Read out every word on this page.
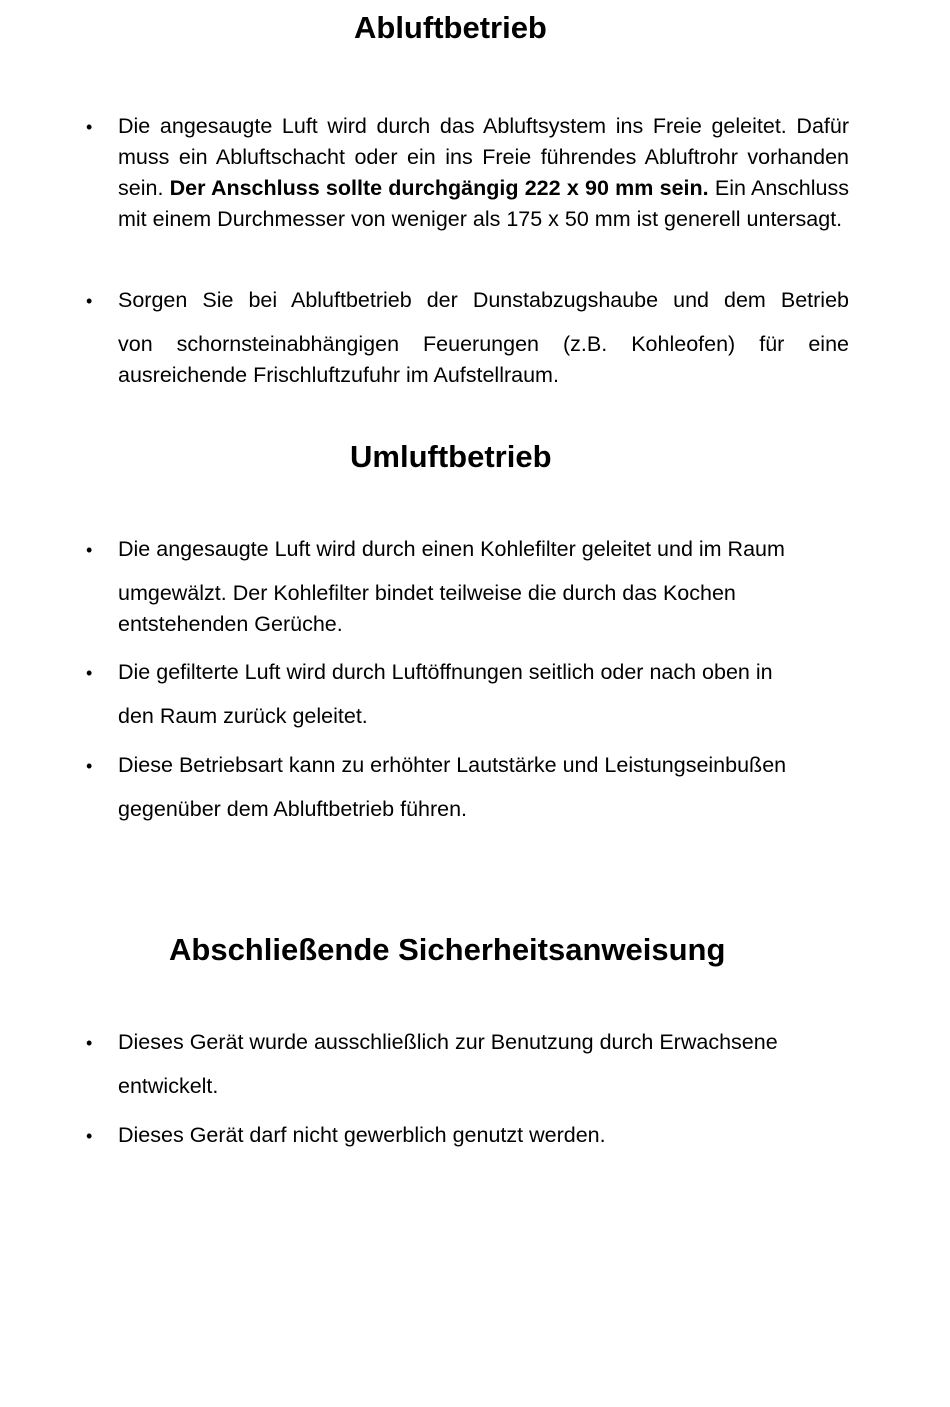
Abluftbetrieb
• Die angesaugte Luft wird durch das Abluftsystem ins Freie geleitet. Dafür muss ein Abluftschacht oder ein ins Freie führendes Abluftrohr vorhanden sein. Der Anschluss sollte durchgängig 222 x 90 mm sein. Ein Anschluss mit einem Durchmesser von weniger als 175 x 50 mm ist generell untersagt.
• Sorgen Sie bei Abluftbetrieb der Dunstabzugshaube und dem Betrieb
von schornsteinabhängigen Feuerungen (z.B. Kohleofen) für eine
ausreichende Frischluftzufuhr im Aufstellraum.
Umluftbetrieb
• Die angesaugte Luft wird durch einen Kohlefilter geleitet und im Raum
umgewälzt. Der Kohlefilter bindet teilweise die durch das Kochen
entstehenden Gerüche.
• Die gefilterte Luft wird durch Luftöffnungen seitlich oder nach oben in
den Raum zurück geleitet.
• Diese Betriebsart kann zu erhöhter Lautstärke und Leistungseinbußen
gegenüber dem Abluftbetrieb führen.
Abschließende Sicherheitsanweisung
• Dieses Gerät wurde ausschließlich zur Benutzung durch Erwachsene
entwickelt.
• Dieses Gerät darf nicht gewerblich genutzt werden.
